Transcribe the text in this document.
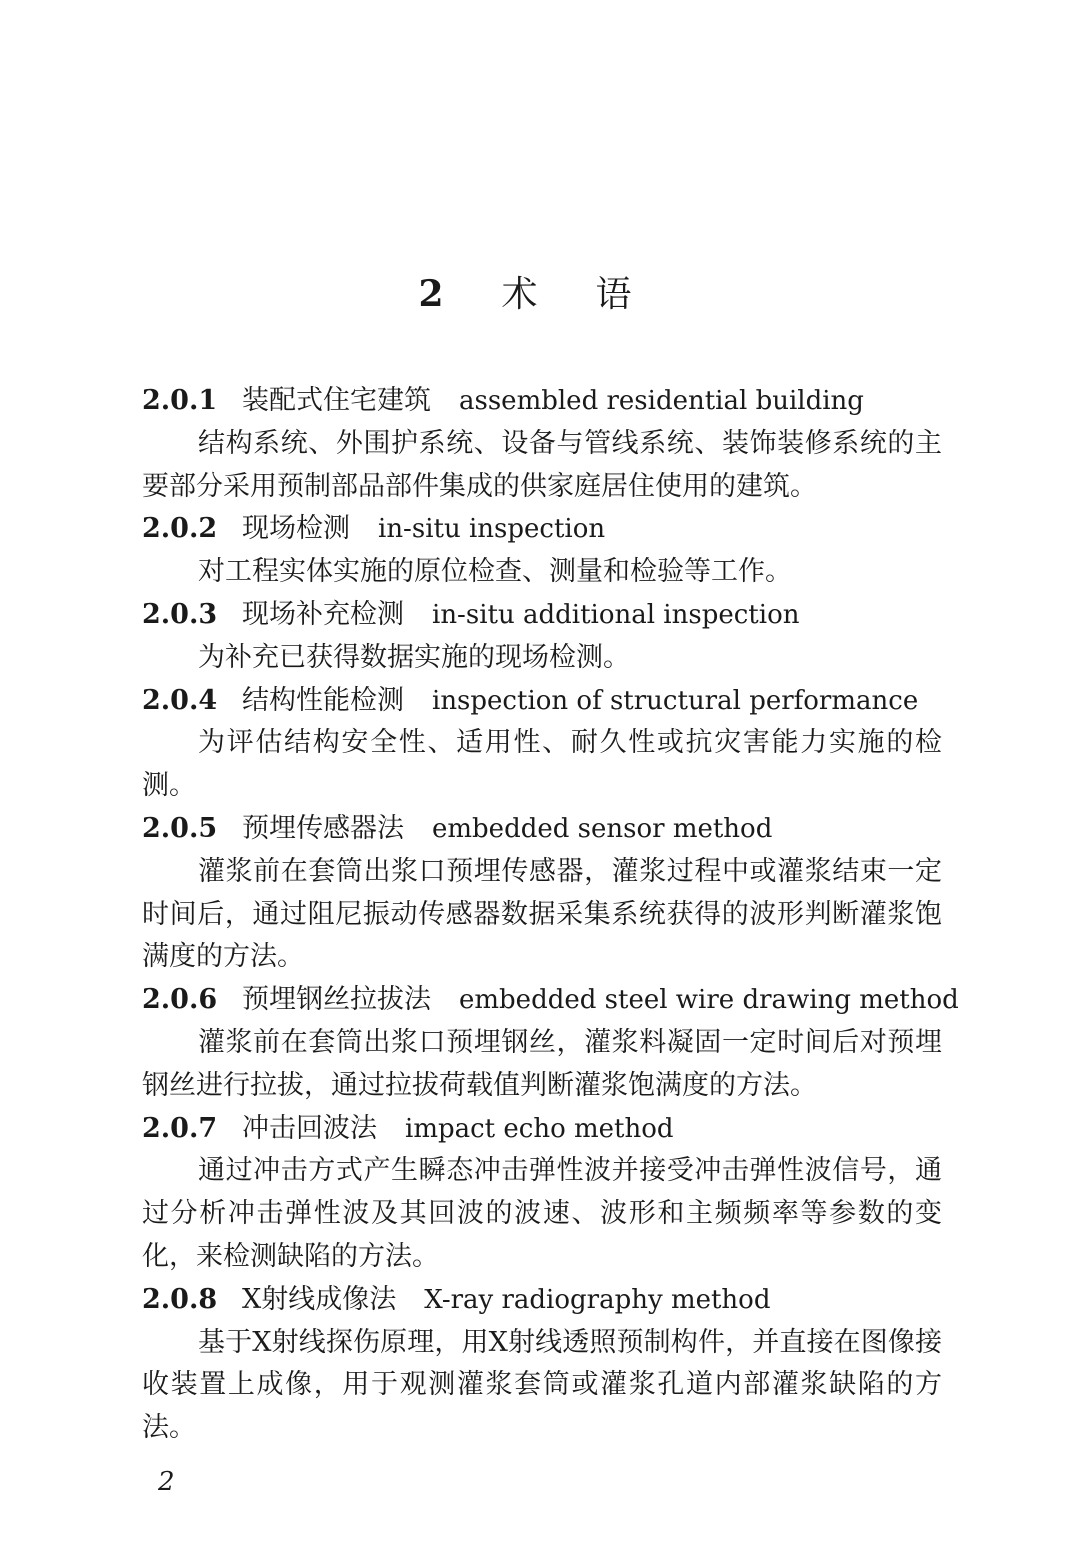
2 术 语
2.0.1 装配式住宅建筑 assembled residential building

结构系统、外围护系统、设备与管线系统、装饰装修系统的主要部分采用预制部品部件集成的供家庭居住使用的建筑。

2.0.2 现场检测 in-situ inspection

对工程实体实施的原位检查、测量和检验等工作。

2.0.3 现场补充检测 in-situ additional inspection

为补充已获得数据实施的现场检测。

2.0.4 结构性能检测 inspection of structural performance

为评估结构安全性、适用性、耐久性或抗灾害能力实施的检测。

2.0.5 预埋传感器法 embedded sensor method

灌浆前在套筒出浆口预埋传感器，灌浆过程中或灌浆结束一定时间后，通过阻尼振动传感器数据采集系统获得的波形判断灌浆饱满度的方法。

2.0.6 预埋钢丝拉拔法 embedded steel wire drawing method

灌浆前在套筒出浆口预埋钢丝，灌浆料凝固一定时间后对预埋钢丝进行拉拔，通过拉拔荷载值判断灌浆饱满度的方法。

2.0.7 冲击回波法 impact echo method

通过冲击方式产生瞬态冲击弹性波并接受冲击弹性波信号，通过分析冲击弹性波及其回波的波速、波形和主频频率等参数的变化，来检测缺陷的方法。

2.0.8 X射线成像法 X-ray radiography method

基于X射线探伤原理，用X射线透照预制构件，并直接在图像接收装置上成像，用于观测灌浆套筒或灌浆孔道内部灌浆缺陷的方法。

2
